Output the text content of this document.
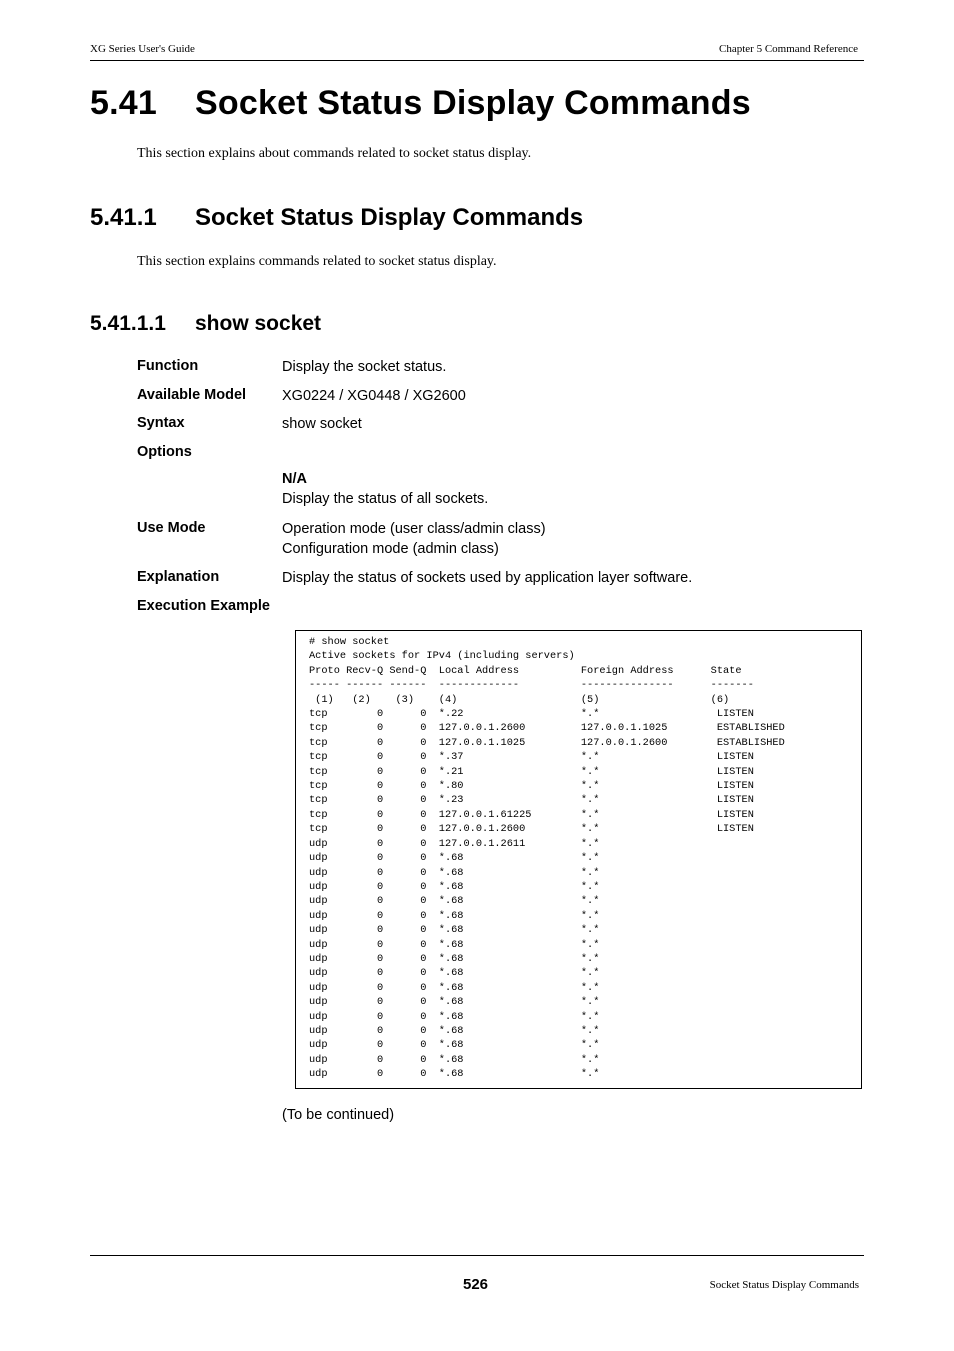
XG Series User's Guide	Chapter 5 Command Reference
5.41 Socket Status Display Commands
This section explains about commands related to socket status display.
5.41.1 Socket Status Display Commands
This section explains commands related to socket status display.
5.41.1.1 show socket
Function	Display the socket status.
Available Model XG0224 / XG0448 / XG2600
Syntax	show socket
Options
N/A
Display the status of all sockets.
Use Mode	Operation mode (user class/admin class)
Configuration mode (admin class)
Explanation	Display the status of sockets used by application layer software.
Execution Example
# show socket
Active sockets for IPv4 (including servers)
Proto Recv-Q Send-Q  Local Address          Foreign Address      State
----- ------ ------  -------------          ---------------      -------
(1)   (2)    (3)    (4)                    (5)                  (6)
tcp        0      0  *.22                   *.*                   LISTEN
tcp        0      0  127.0.0.1.2600         127.0.0.1.1025        ESTABLISHED
tcp        0      0  127.0.0.1.1025         127.0.0.1.2600        ESTABLISHED
tcp        0      0  *.37                   *.*                   LISTEN
tcp        0      0  *.21                   *.*                   LISTEN
tcp        0      0  *.80                   *.*                   LISTEN
tcp        0      0  *.23                   *.*                   LISTEN
tcp        0      0  127.0.0.1.61225        *.*                   LISTEN
tcp        0      0  127.0.0.1.2600         *.*                   LISTEN
udp        0      0  127.0.0.1.2611         *.*
udp        0      0  *.68                   *.*
udp        0      0  *.68                   *.*
udp        0      0  *.68                   *.*
udp        0      0  *.68                   *.*
udp        0      0  *.68                   *.*
udp        0      0  *.68                   *.*
udp        0      0  *.68                   *.*
udp        0      0  *.68                   *.*
udp        0      0  *.68                   *.*
udp        0      0  *.68                   *.*
udp        0      0  *.68                   *.*
udp        0      0  *.68                   *.*
udp        0      0  *.68                   *.*
udp        0      0  *.68                   *.*
udp        0      0  *.68                   *.*
udp        0      0  *.68                   *.*
(To be continued)
526	Socket Status Display Commands
